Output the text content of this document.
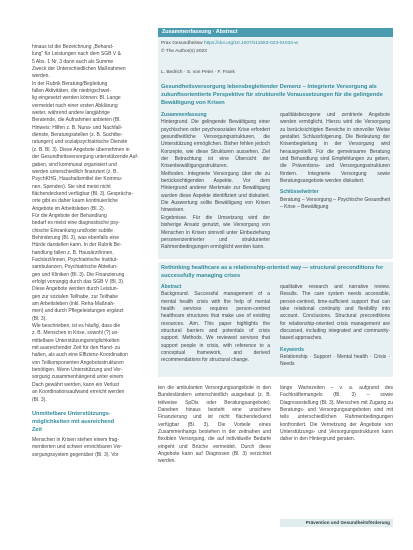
hinaus ist die Bezeichnung „Behand-

lung“ für Leistungen nach dem SGB V &

5 Abs. 1 Nr. 3 dann auch als Summe

Zweck der Unterschiedlichen Maßnahmen

werden.

In der Rubrik Beratung/Begleitung

fallen Aktivitäten, die niedrigschwel-

lig eingesetzt werden können: Bl. Lange

vermeidet nach einer ersten Abklärung

weiter, während andere langjährige

Beratende, die Aufnahmen anbieten (Bl.

Hinweis: Hilfen z. B. Nuna- und Nachfall-

dienste, Beratungsstellen (z. B. Suchtbe-

ratungen) und sozialpsychiatrische Dienste

(z. B. Bl. 3). Diese Angebote übernehmen in

der Gesundheitsversorgung unterstützende Auf-

gaben, sind kommunal organisiert und

werden unterschiedlich finanziert (z. B.

PsychKHG, Haushaltsmittel der Kommu-

nen, Spenden). Sie sind meist nicht

flächendeckend verfügbar (Bl. 3). Gesprächs-

orte gibt es daher kaum kontinuierliche

Angebote im Arbeitsleben (Bl. 2).

Für die Angebote der Behandlung

bedarf es meist eine diagnostische psy-

chische Erkrankung und/oder subtile

Behinderung (Bl. 3), was ebenfalls eine

Hürde darstellen kann. In der Rubrik Be-

handlung fallen z. B. Hausärzt/innen,

Fachärzt/innen, Psychiatrische Institut-

sambulanzen, Psychiatrische Abteilun-

gen und Kliniken (Bl. 3). Die Finanzierung

erfolgt vorrangig durch das SGB V (Bl. 3).

Diese Angebote werden durch Leistun-

gen zur sozialen Teilhabe, zur Teilhabe

am Arbeitsleben (inkl. Reha-Maßnah-

men) und durch Pflegeleistungen ergänzt

(Bl. 3).

Wie beschrieben, ist es häufig, dass die

z. B. Menschen in Krise, sowohl (?) un-

mittelbare Unterstützungsmöglichkeiten

mit ausreichender Zeit für den Hand- zu

halten, als auch eine Effizienz-Koordination

von Teilkomponenten Angebotsstrukturen

benötigen. Wenn Unterstützung und Ver-

sorgung zusammenhängend unter einem

Dach gewährt werden, kann ein Verlust

an Koordinationsaufwand erreicht werden

(Bl. 3).

Unmittelbare Unterstützungs-

möglichkeiten mit ausreichend

Zeit

Menschen in Krisen stehen einem frag-

mentierten und schwer erreichbaren Ver-

sorgungssystem gegenüber (Bl. 3). Vor

Zusammenfassung · Abstract
Prax Gesundheitsw https://doi.org/10.1007/s11553-023-01034-w
© The Author(s) 2023
L. Bedrich · S. von Peter · F. Frank
Gesundheitsversorgung lebensbegleitender Demenz – Integrierte Versorgung als zukunftsorientierte Perspektive für strukturelle Voraussetzungen für die gelingende Bewältigung von Krisen
Zusammenfassung
Hintergrund. Die gelingende Bewältigung einer psychischen oder psychosozialen Krise erfordert gesundheitliche Versorgungsstrukturen, die Unterstützung ermöglichen. Bisher fehlen jedoch Konzepte, wie diese Strukturen aussehen. Ziel der Betrachtung ist eine Übersicht der Krisenbewältigungsstrukturen.
Methoden. Integrierte Versorgung über die zu berücksichtigenden Aspekte. Vor dem Hintergrund anderer Merkmale zur Bewältigung wurden diese Aspekte identifiziert und diskutiert. Die Auswertung sollte Bewältigung von Krisen hinweisen.
Ergebnisse. Für die Umsetzung wird der bisherige Ansatz genutzt, wie Versorgung von Menschen in Krisen sinnvoll unter Einbeziehung personenzentrierter und strukturierter Rahmenbedingungen ermöglicht werden kann.
qualitätsbezogene und zentrierte Angebote werden ermöglicht. Hierzu wird die Versorgung zu berücksichtigten Bereiche in sinnvoller Weise gestaltet. Schlussfolgerung. Die Bedeutung der Krisenbegleitung in der Versorgung wird herausgestellt. Für die gemeinsame Beratung und Behandlung sind Empfehlungen zu geben, die Präventions- und Versorgungsstrukturen fördern. Integrierte Versorgung sowie Beratungsangebote werden diskutiert.
Schlüsselwörter
Beratung – Versorgung – Psychische Gesundheit – Krise – Bewältigung
Rethinking healthcare as a relationship-oriented way — structural preconditions for successfully managing crises
Abstract
Background. Successful management of a mental health crisis with the help of mental health services requires person-centred healthcare structures that make use of existing resources. Aim. This paper highlights the structural barriers and potentials of crisis support. Methods. We reviewed services that support people in crisis, with reference to a conceptual framework, and derived recommendations for structural change.
qualitative research and narrative review. Results. The care system needs accessible, person-centred, time-sufficient support that can take relational continuity and flexibility into account. Conclusions. Structural preconditions for relationship-oriented crisis management are discussed, including integrated and community-based approaches.
Keywords
Relationship · Support · Mental health · Crisis · Needs
ten die ambulanten Versorgungsangebote in den Bundesländern unterschiedlich ausgebaut (z. B. teilweise SpDis oder Beratungsangebote). Daneben hinaus besteht eine unsichere Finanzierung und ist nicht flächendeckend verfügbar (Bl. 3). Die Vorteile eines Zusammenhangs bestehen in der zeitnahen und flexiblen Versorgung, die auf individuelle Bedarfe eingeht und Brüche vermeidet. Durch diese Angebote kann auf Diagnosen (Bl. 3) verzichtet werden.
länge Wartezeiten – v. a. aufgrund des Fachkräftemangels (Bl. 3) – sowie Diagnosestellung (Bl. 3). Menschen mit Zugang zu Beratungs- und Versorgungsangeboten sind mit teils unterschiedlichen Rahmenbedingungen konfrontiert. Die Vernetzung der Angebote von Unterstützungs- und Versorgungsstrukturen kann daher in den Hintergrund geraten.
Prävention und Gesundheitsförderung
